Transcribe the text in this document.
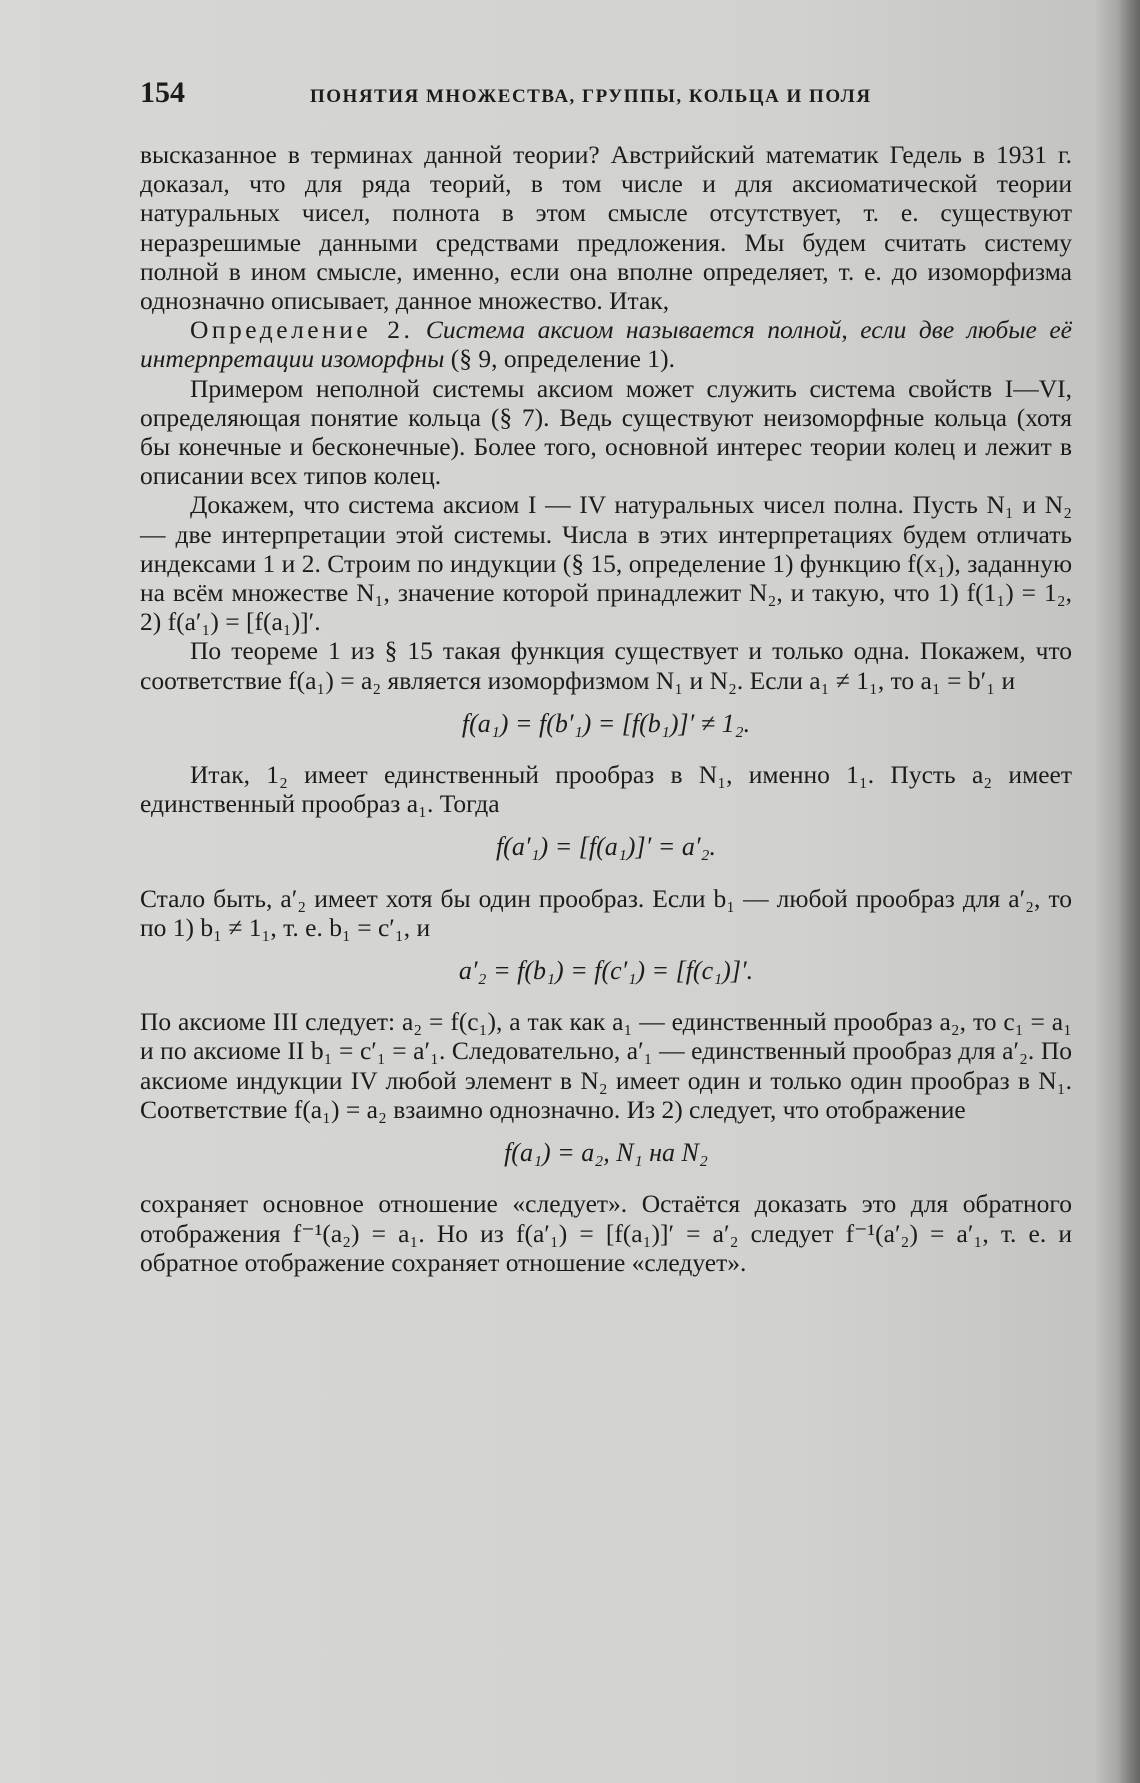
154	ПОНЯТИЯ МНОЖЕСТВА, ГРУППЫ, КОЛЬЦА И ПОЛЯ

высказанное в терминах данной теории? Австрийский математик Гедель в 1931 г. доказал, что для ряда теорий, в том числе и для аксиоматической теории натуральных чисел, полнота в этом смысле отсутствует, т. е. существуют неразрешимые данными средствами предложения. Мы будем считать систему полной в ином смысле, именно, если она вполне определяет, т. е. до изоморфизма однозначно описывает, данное множество. Итак,

Определение 2. Система аксиом называется полной, если две любые её интерпретации изоморфны (§ 9, определение 1).

Примером неполной системы аксиом может служить система свойств I—VI, определяющая понятие кольца (§ 7). Ведь существуют неизоморфные кольца (хотя бы конечные и бесконечные). Более того, основной интерес теории колец и лежит в описании всех типов колец.

Докажем, что система аксиом I — IV натуральных чисел полна. Пусть N₁ и N₂ — две интерпретации этой системы. Числа в этих интерпретациях будем отличать индексами 1 и 2. Строим по индукции (§ 15, определение 1) функцию f(x₁), заданную на всём множестве N₁, значение которой принадлежит N₂, и такую, что 1) f(1₁) = 1₂, 2) f(a′₁) = [f(a₁)]′.

По теореме 1 из § 15 такая функция существует и только одна. Покажем, что соответствие f(a₁) = a₂ является изоморфизмом N₁ и N₂. Если a₁ ≠ 1₁, то a₁ = b′₁ и

f(a₁) = f(b′₁) = [f(b₁)]′ ≠ 1₂.

Итак, 1₂ имеет единственный прообраз в N₁, именно 1₁. Пусть a₂ имеет единственный прообраз a₁. Тогда

f(a′₁) = [f(a₁)]′ = a′₂.

Стало быть, a′₂ имеет хотя бы один прообраз. Если b₁ — любой прообраз для a′₂, то по 1) b₁ ≠ 1₁, т. е. b₁ = c′₁, и

a′₂ = f(b₁) = f(c′₁) = [f(c₁)]′.

По аксиоме III следует: a₂ = f(c₁), а так как a₁ — единственный прообраз a₂, то c₁ = a₁ и по аксиоме II b₁ = c′₁ = a′₁. Следовательно, a′₁ — единственный прообраз для a′₂. По аксиоме индукции IV любой элемент в N₂ имеет один и только один прообраз в N₁. Соответствие f(a₁) = a₂ взаимно однозначно. Из 2) следует, что отображение

f(a₁) = a₂, N₁ на N₂

сохраняет основное отношение «следует». Остаётся доказать это для обратного отображения f⁻¹(a₂) = a₁. Но из f(a′₁) = [f(a₁)]′ = a′₂ следует f⁻¹(a′₂) = a′₁, т. е. и обратное отображение сохраняет отношение «следует».
